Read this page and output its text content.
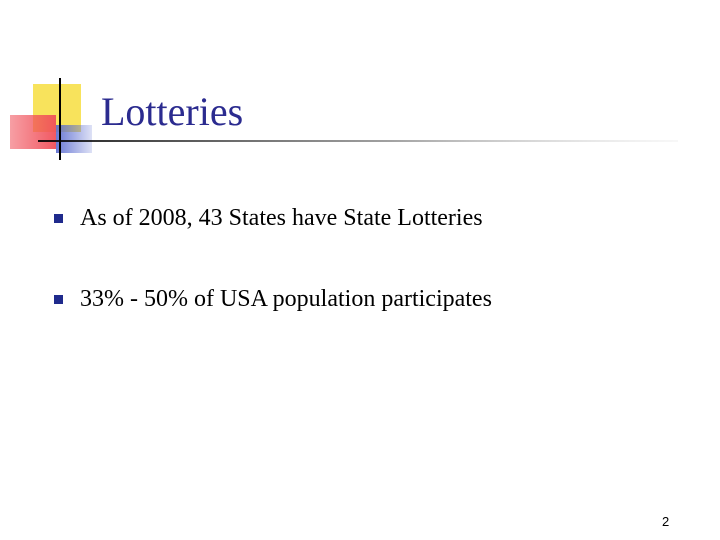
Lotteries
As of 2008, 43 States have State Lotteries
33% - 50% of USA population participates
2
